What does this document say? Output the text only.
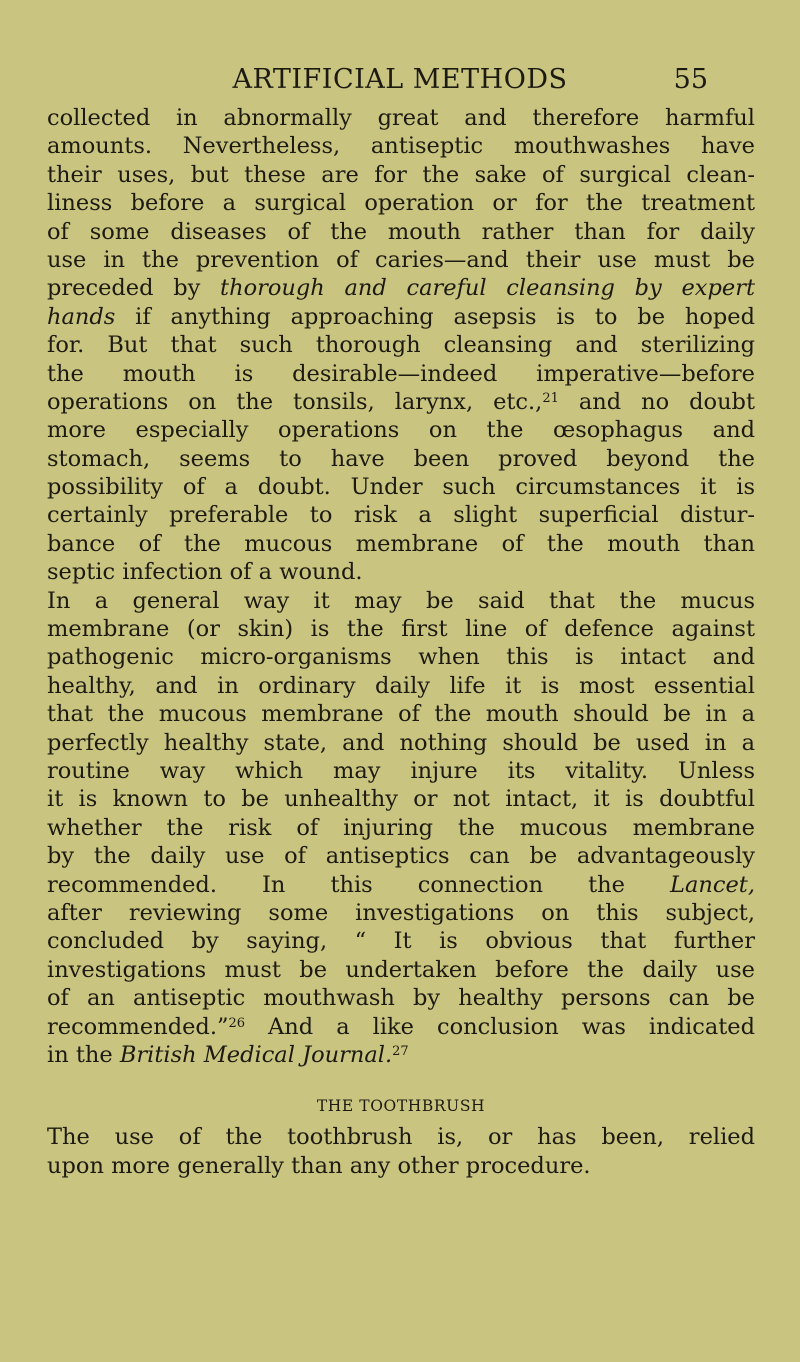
ARTIFICIAL METHODS	55
collected in abnormally great and therefore harmful
amounts. Nevertheless, antiseptic mouthwashes have
their uses, but these are for the sake of surgical clean-
liness before a surgical operation or for the treatment
of some diseases of the mouth rather than for daily
use in the prevention of caries—and their use must be
preceded by thorough and careful cleansing by expert
hands if anything approaching asepsis is to be hoped
for. But that such thorough cleansing and sterilizing
the mouth is desirable—indeed imperative—before
operations on the tonsils, larynx, etc.,$^{21}$ and no doubt
more especially operations on the œsophagus and
stomach, seems to have been proved beyond the
possibility of a doubt. Under such circumstances it is
certainly preferable to risk a slight superficial distur-
bance of the mucous membrane of the mouth than
septic infection of a wound.
In a general way it may be said that the mucus
membrane (or skin) is the first line of defence against
pathogenic micro-organisms when this is intact and
healthy, and in ordinary daily life it is most essential
that the mucous membrane of the mouth should be in a
perfectly healthy state, and nothing should be used in a
routine way which may injure its vitality. Unless
it is known to be unhealthy or not intact, it is doubtful
whether the risk of injuring the mucous membrane
by the daily use of antiseptics can be advantageously
recommended. In this connection the Lancet,
after reviewing some investigations on this subject,
concluded by saying, “ It is obvious that further
investigations must be undertaken before the daily use
of an antiseptic mouthwash by healthy persons can be
recommended.”$^{26}$ And a like conclusion was indicated
in the British Medical Journal.$^{27}$
THE TOOTHBRUSH
The use of the toothbrush is, or has been, relied
upon more generally than any other procedure.
